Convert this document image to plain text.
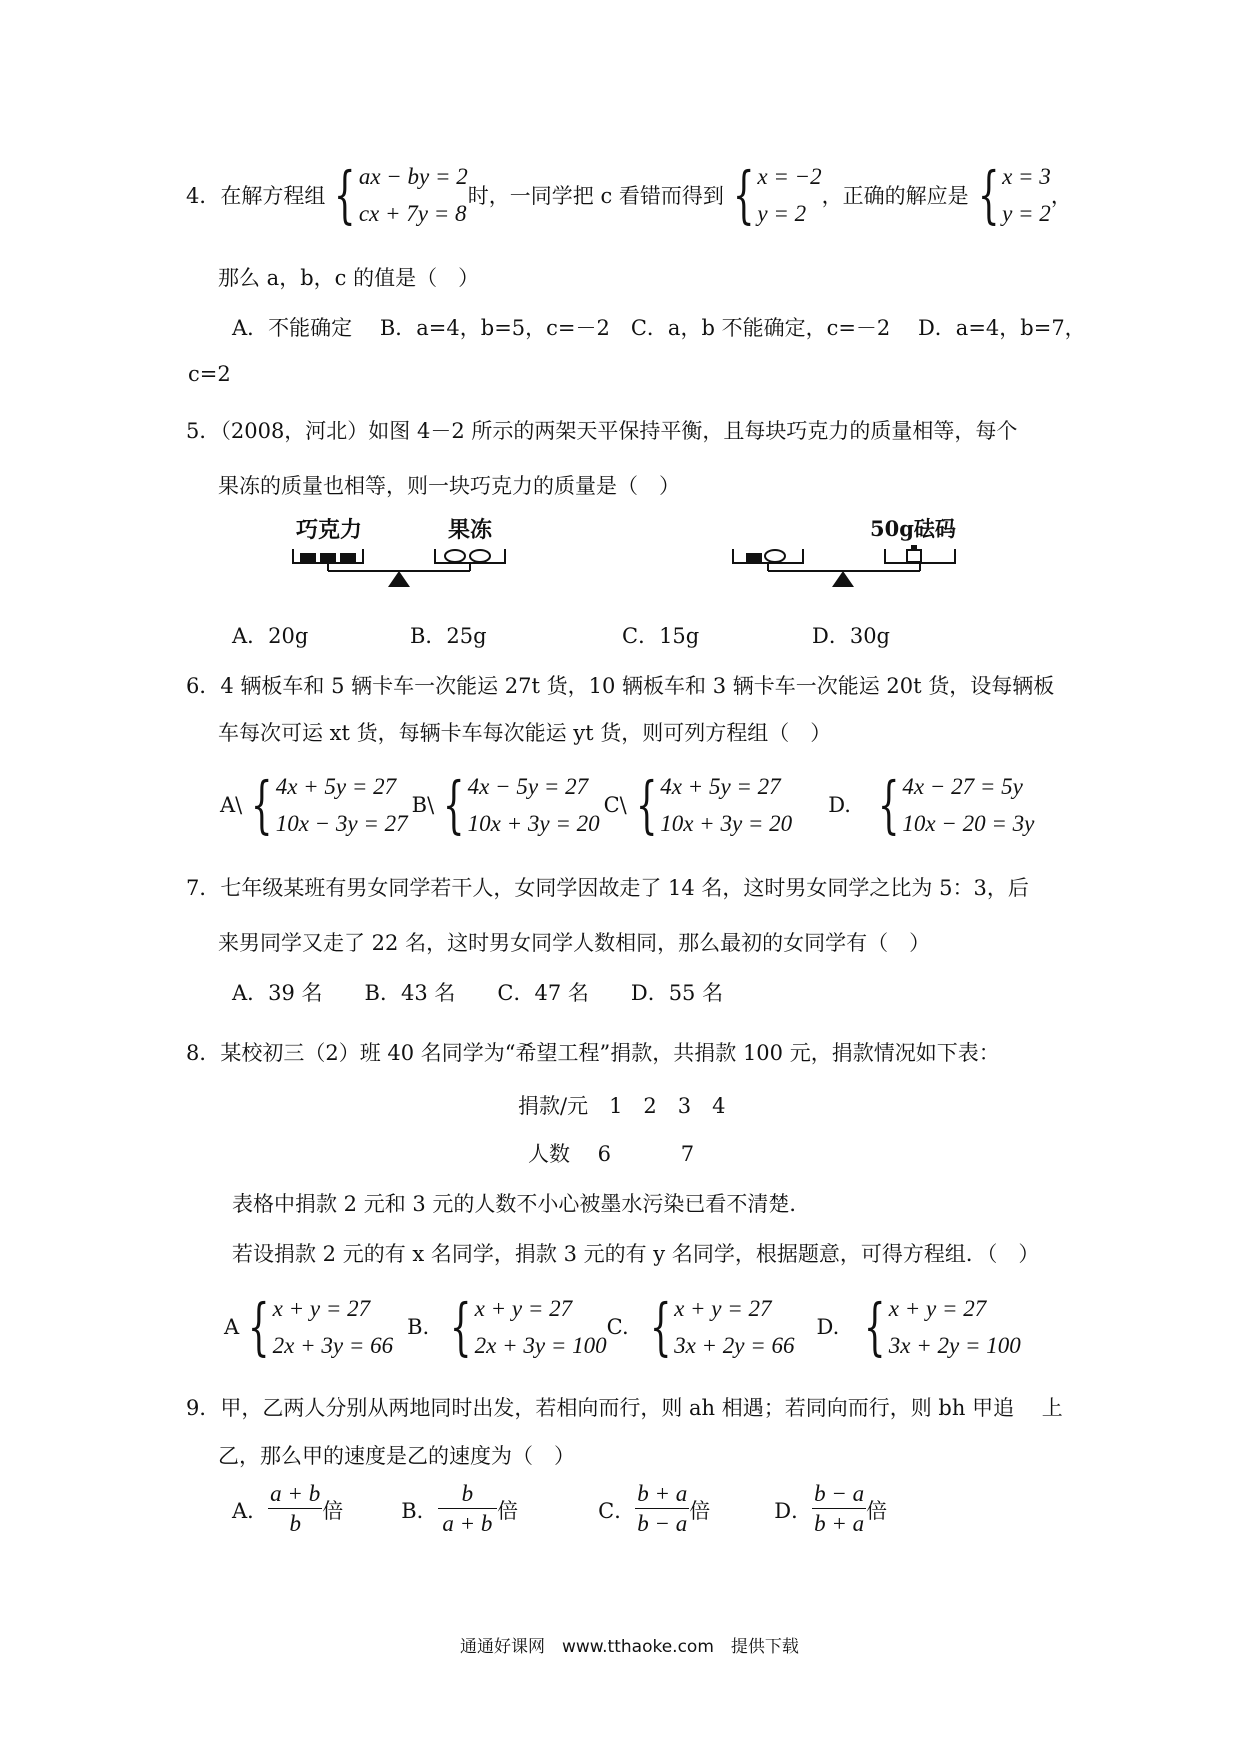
4．在解方程组 { ax − by = 2
cx + 7y = 8
时，一同学把 c 看错而得到 { x = −2
y = 2
，正确的解应是 { x = 3
y = 2
，
那么 a，b，c 的值是（　）
A．不能确定　 B．a=4，b=5，c=－2　C．a，b 不能确定，c=－2　 D．a=4，b=7，
c=2
5．（2008，河北）如图 4－2 所示的两架天平保持平衡，且每块巧克力的质量相等，每个
果冻的质量也相等，则一块巧克力的质量是（　）
巧克力	果冻	50g砝码
A．20g	B．25g	C．15g	D．30g
6．4 辆板车和 5 辆卡车一次能运 27t 货，10 辆板车和 3 辆卡车一次能运 20t 货，设每辆板
车每次可运 xt 货，每辆卡车每次能运 yt 货，则可列方程组（　）
A\ { 4x + 5y = 27
10x − 3y = 27
B\ { 4x − 5y = 27
10x + 3y = 20
C\ { 4x + 5y = 27
10x + 3y = 20
D. { 4x − 27 = 5y
10x − 20 = 3y
7．七年级某班有男女同学若干人，女同学因故走了 14 名，这时男女同学之比为 5：3，后
来男同学又走了 22 名，这时男女同学人数相同，那么最初的女同学有（　）
A．39 名　　B．43 名　　C．47 名　　D．55 名
8．某校初三（2）班 40 名同学为“希望工程”捐款，共捐款 100 元，捐款情况如下表：
捐款/元　1　2　3　4
人数　 6　　　 7
表格中捐款 2 元和 3 元的人数不小心被墨水污染已看不清楚．
若设捐款 2 元的有 x 名同学，捐款 3 元的有 y 名同学，根据题意，可得方程组．（　）
A { x + y = 27
2x + 3y = 66
B. { x + y = 27
2x + 3y = 100
C. { x + y = 27
3x + 2y = 66
D. { x + y = 27
3x + 2y = 100
9．甲，乙两人分别从两地同时出发，若相向而行，则 ah 相遇；若同向而行，则 bh 甲追　 上
乙，那么甲的速度是乙的速度为（　）
A． $\frac{a + b}{b}$ 倍	B． $\frac{b}{a + b}$ 倍	C． $\frac{b + a}{b - a}$ 倍	D． $\frac{b - a}{b + a}$ 倍
通通好课网　www.tthaoke.com　提供下载
